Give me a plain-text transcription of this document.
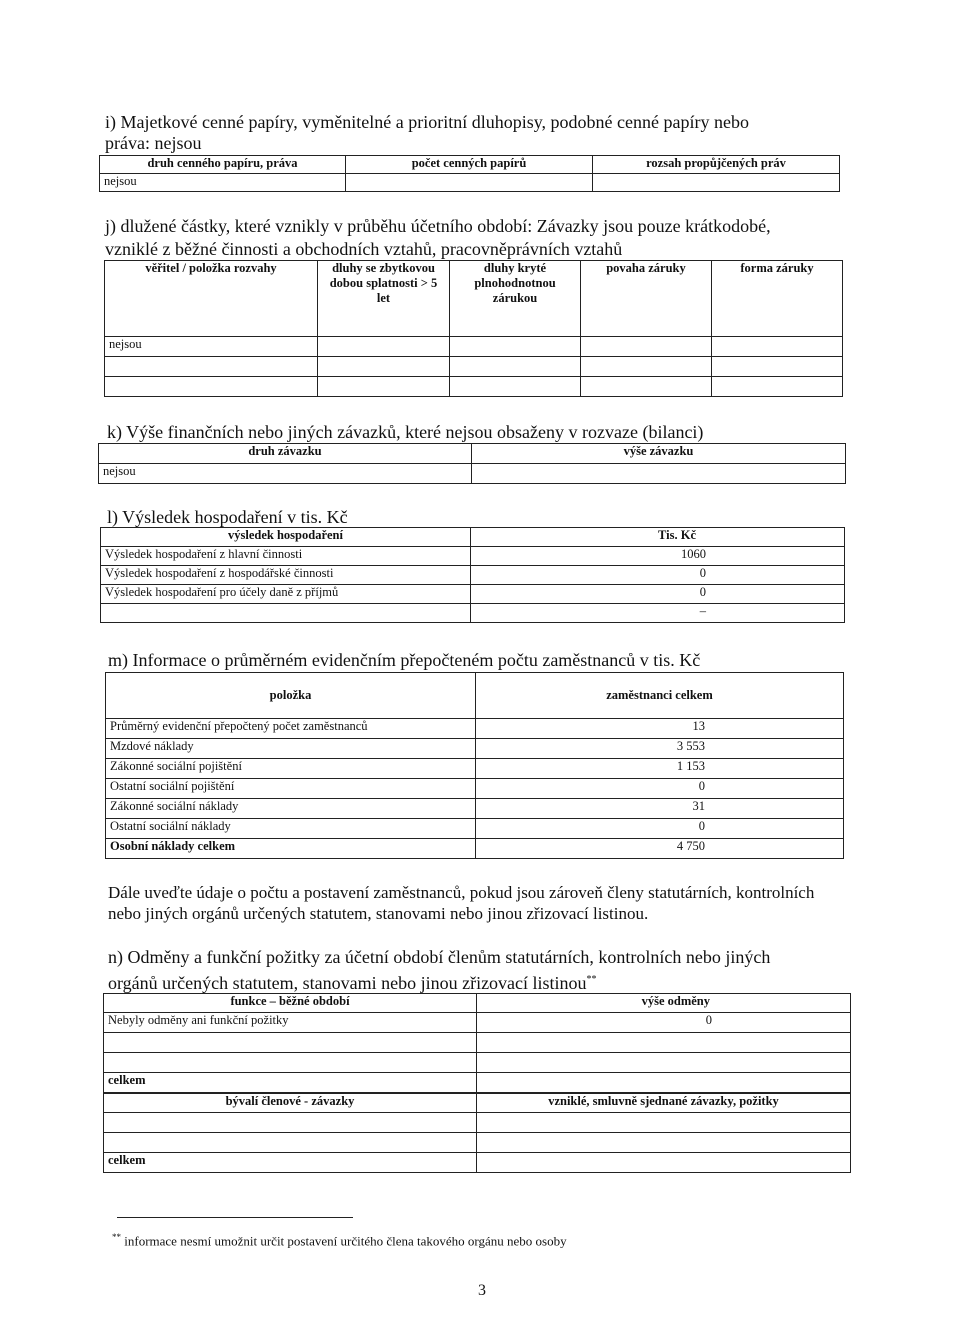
i) Majetkové cenné papíry, vyměnitelné a prioritní dluhopisy, podobné cenné papíry nebo
práva: nejsou
druh cenného papíru, práva	počet cenných papírů	rozsah propůjčených práv
nejsou		
j) dlužené částky, které vznikly v průběhu účetního období: Závazky jsou pouze krátkodobé,
vzniklé z běžné činnosti a obchodních vztahů, pracovněprávních vztahů
věřitel / položka rozvahy	dluhy se zbytkovou dobou splatnosti > 5 let	dluhy kryté plnohodnotnou zárukou	povaha záruky	forma záruky
nejsou				

k) Výše finančních nebo jiných závazků, které nejsou obsaženy v rozvaze (bilanci)
druh závazku	výše závazku
nejsou	
l) Výsledek hospodaření v tis. Kč
výsledek hospodaření	Tis. Kč
Výsledek hospodaření z hlavní činnosti	1060
Výsledek hospodaření z hospodářské činnosti	0
Výsledek hospodaření pro účely daně z příjmů	0
	–
m) Informace o průměrném evidenčním přepočteném počtu zaměstnanců v tis. Kč
položka	zaměstnanci celkem
Průměrný evidenční přepočtený počet zaměstnanců	13
Mzdové náklady	3 553
Zákonné sociální pojištění	1 153
Ostatní sociální pojištění	0
Zákonné sociální náklady	31
Ostatní sociální náklady	0
Osobní náklady celkem	4 750
Dále uveďte údaje o počtu a postavení zaměstnanců, pokud jsou zároveň členy statutárních, kontrolních nebo jiných orgánů určených statutem, stanovami nebo jinou zřizovací listinou.
n) Odměny a funkční požitky za účetní období členům statutárních, kontrolních nebo jiných
orgánů určených statutem, stanovami nebo jinou zřizovací listinou**
funkce – běžné období	výše odměny
Nebyly odměny ani funkční požitky	0

celkem	
bývalí členové - závazky	vzniklé, smluvně sjednané závazky, požitky

celkem	
** informace nesmí umožnit určit postavení určitého člena takového orgánu nebo osoby
3
